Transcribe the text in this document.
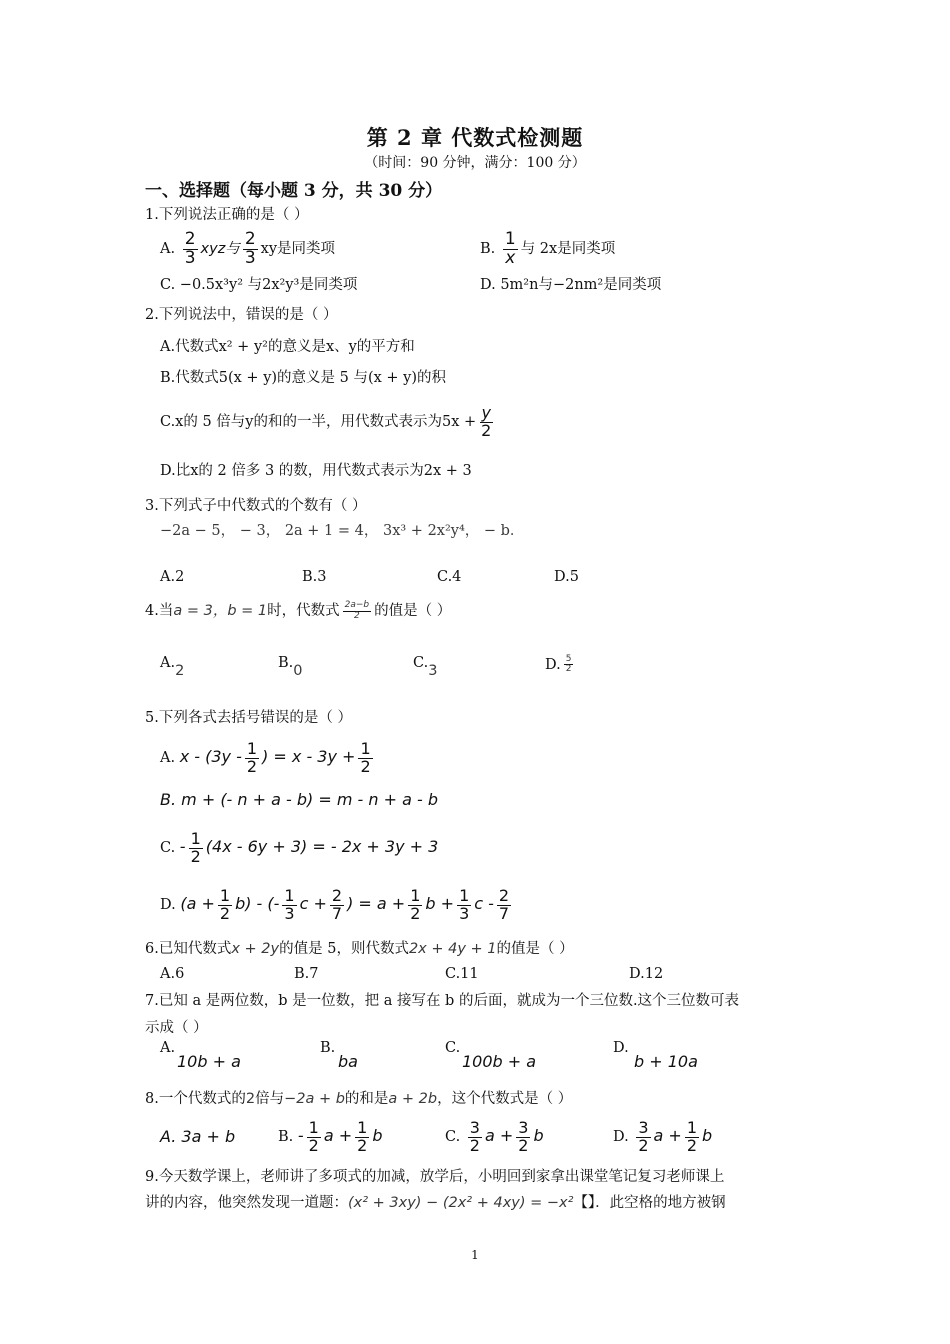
第 2 章 代数式检测题
（时间：90 分钟，满分：100 分）
一、选择题（每小题 3 分，共 30 分）
1.下列说法正确的是（ ）
A. $\frac{2}{3}$ xyz与 $\frac{2}{3}$ xy是同类项	B. $\frac{1}{x}$ 与 2x是同类项
C. −0.5x³y² 与2x²y³是同类项	D. 5m²n与−2nm²是同类项
2.下列说法中，错误的是（ ）
A.代数式x² + y²的意义是x、y的平方和
B.代数式5(x + y)的意义是 5 与(x + y)的积
C.x的 5 倍与y的和的一半，用代数式表示为$5x + \frac{y}{2}$
D.比x的 2 倍多 3 的数，用代数式表示为2x + 3
3.下列式子中代数式的个数有（ ）
−2a − 5， − 3， 2a + 1 = 4， 3x³ + 2x²y⁴， − b．
A.2	B.3	C.4	D.5
4.当a = 3，b = 1时，代数式 $\frac{2a-b}{2}$ 的值是（ ）
A.2	B.0	C.3	D. $\frac{5}{2}$
5.下列各式去括号错误的是（ ）
A. x - ($3y - \frac{1}{2}$ ) = $x - 3y + \frac{1}{2}$
B. m + (- n + a - b) = m - n + a - b
C. - $\frac{1}{2} (4x - 6y + 3)$ = - 2x + 3y + 3
D. $(a + \frac{1}{2} b)$ - (- $\frac{1}{3}$ $c + \frac{2}{7}$ ) = $a + \frac{1}{2}$ $b + \frac{1}{3}$ c - $\frac{2}{7}$
6.已知代数式x + 2y的值是 5，则代数式2x + 4y + 1的值是（ ）
A.6	B.7	C.11	D.12
7.已知 a 是两位数，b 是一位数，把 a 接写在 b 的后面，就成为一个三位数.这个三位数可表
示成（ ）
A.
10b + a
B.
ba
C.
100b + a
D.
b + 10a
8.一个代数式的2倍与−2a + b的和是a + 2b，这个代数式是（ ）
A. 3a + b	B. - $\frac{1}{2}$ $a + \frac{1}{2}$ b	C. $\frac{3}{2}$ $a + \frac{3}{2}$ b	D. $\frac{3}{2}$ $a + \frac{1}{2}$ b
9.今天数学课上，老师讲了多项式的加减，放学后，小明回到家拿出课堂笔记复习老师课上
讲的内容，他突然发现一道题：(x² + 3xy) − (2x² + 4xy) = −x²【】．此空格的地方被钢
1
